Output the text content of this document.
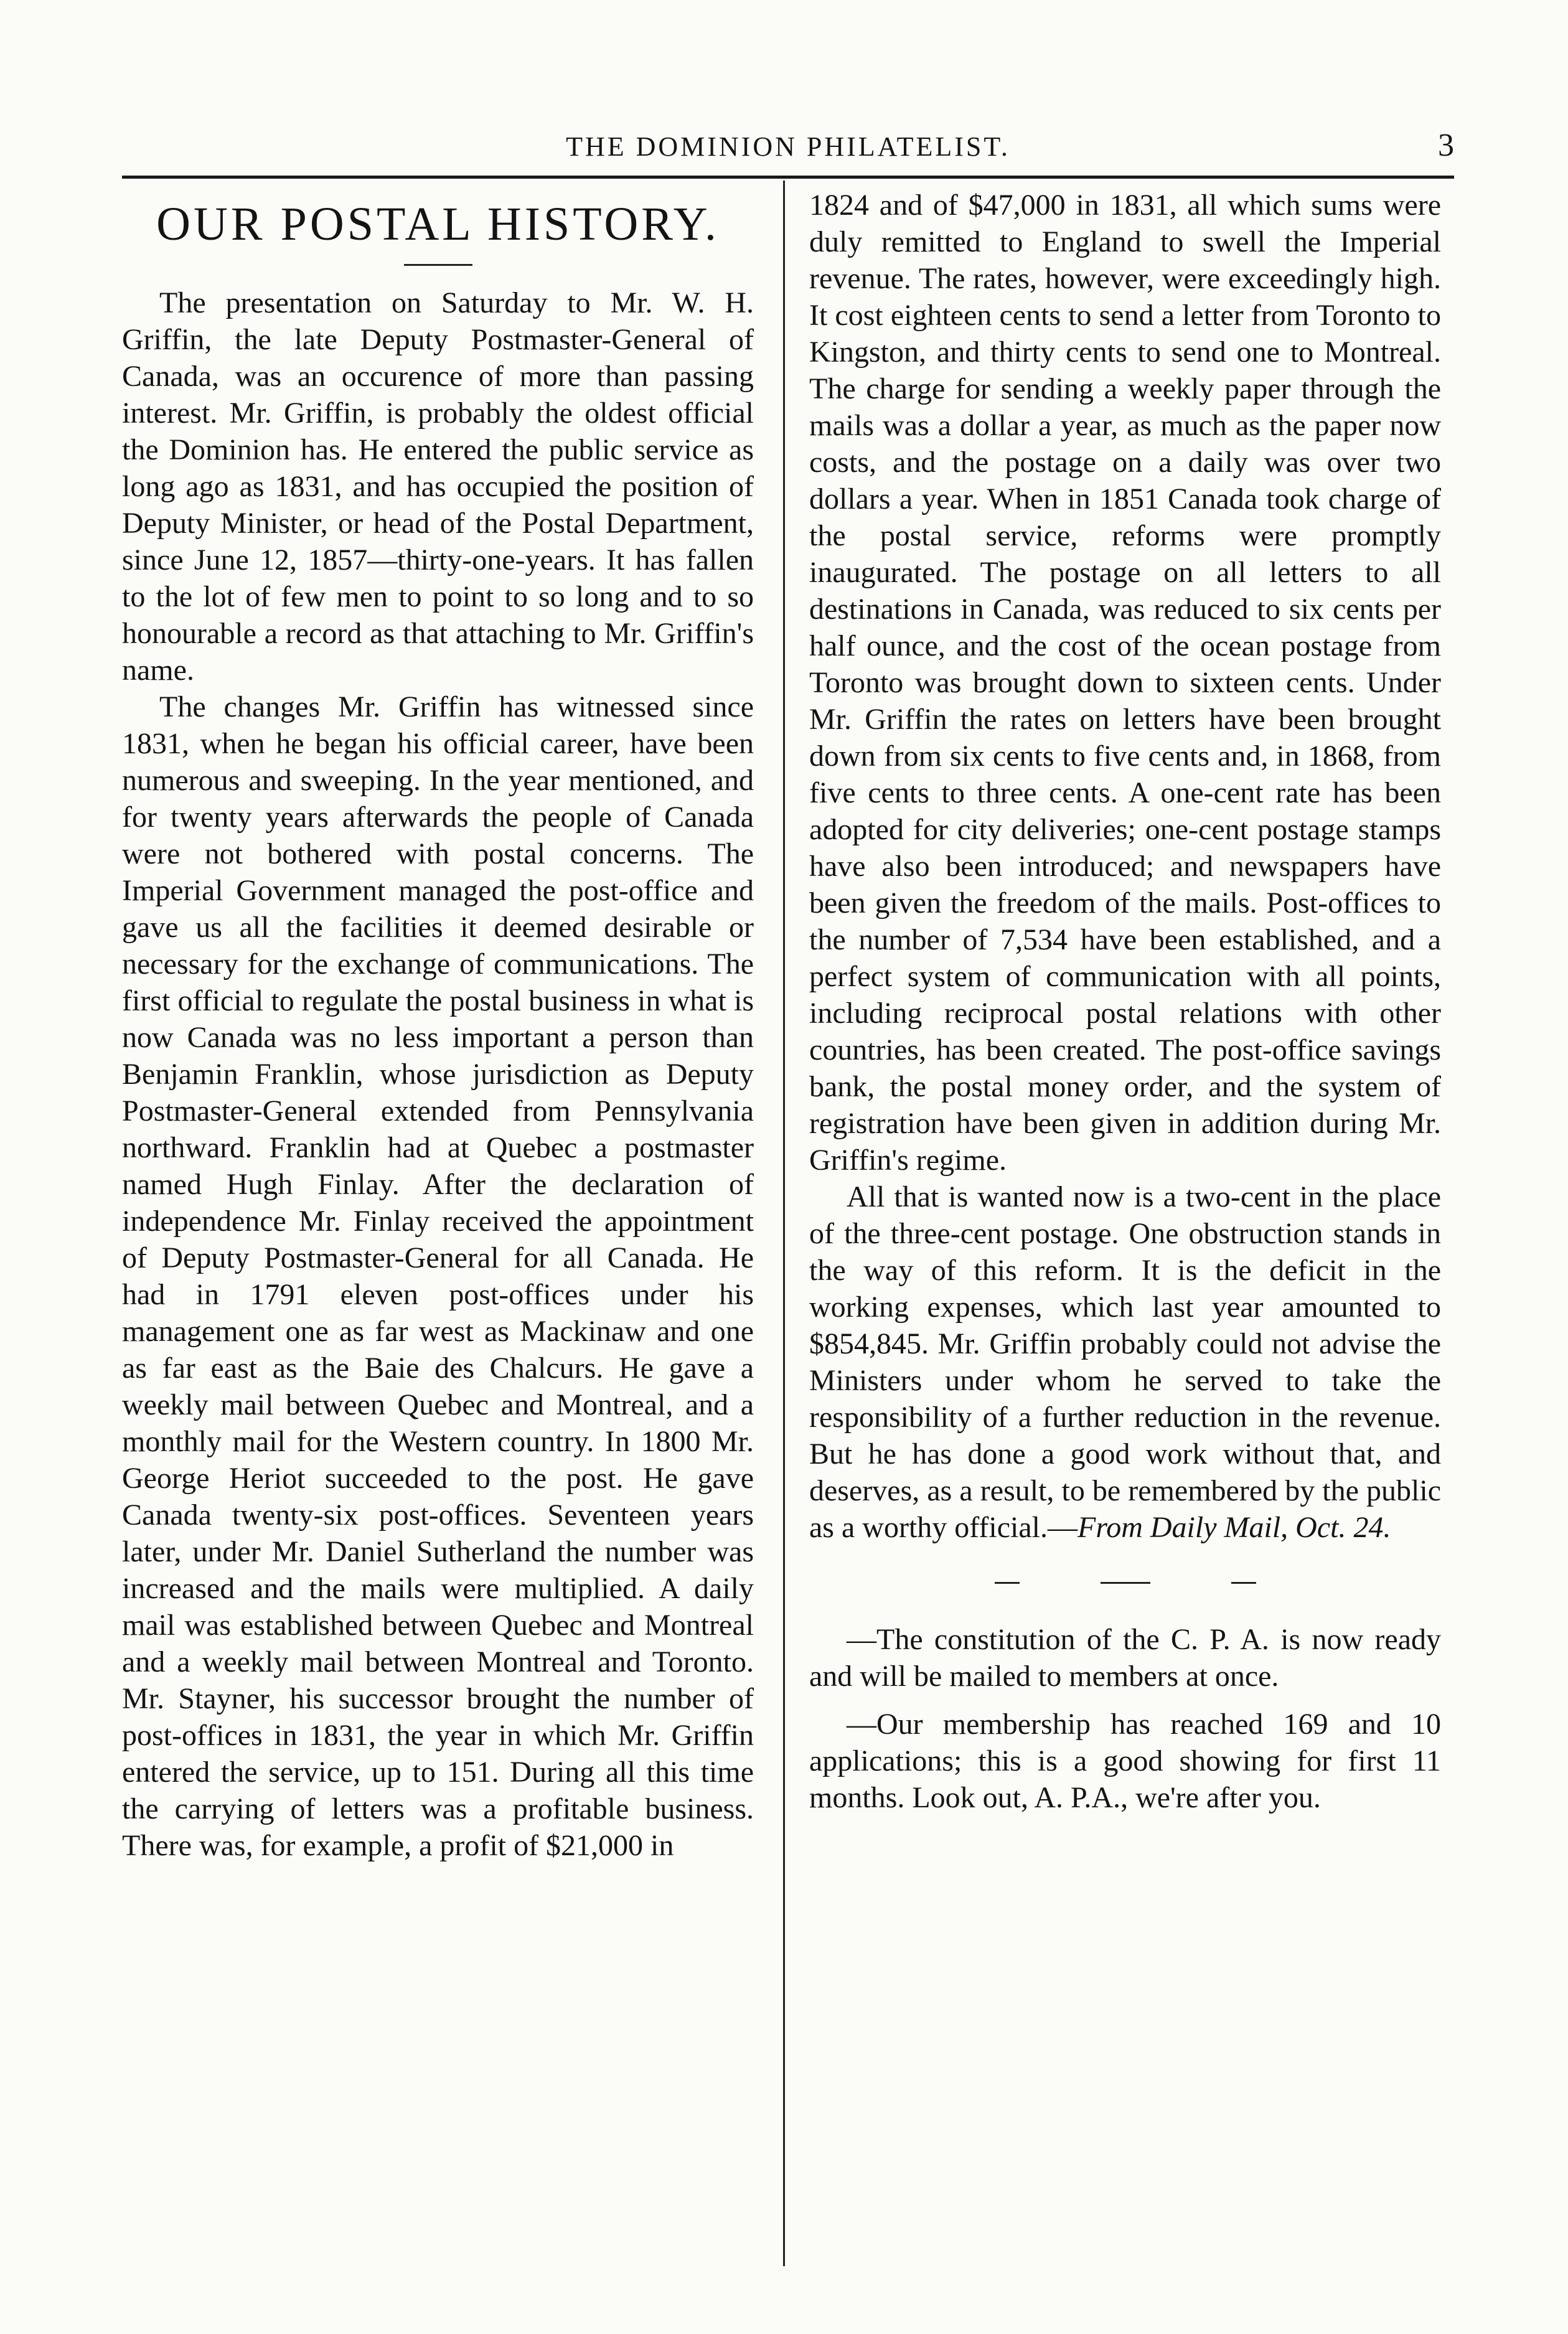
THE DOMINION PHILATELIST.	3
OUR POSTAL HISTORY.

The presentation on Saturday to Mr. W. H. Griffin, the late Deputy Postmaster-General of Canada, was an occurence of more than passing interest. Mr. Griffin, is probably the oldest official the Dominion has. He entered the public service as long ago as 1831, and has occupied the position of Deputy Minister, or head of the Postal Department, since June 12, 1857—thirty-one-years. It has fallen to the lot of few men to point to so long and to so honourable a record as that attaching to Mr. Griffin's name.

The changes Mr. Griffin has witnessed since 1831, when he began his official career, have been numerous and sweeping. In the year mentioned, and for twenty years afterwards the people of Canada were not bothered with postal concerns. The Imperial Government managed the post-office and gave us all the facilities it deemed desirable or necessary for the exchange of communications. The first official to regulate the postal business in what is now Canada was no less important a person than Benjamin Franklin, whose jurisdiction as Deputy Postmaster-General extended from Pennsylvania northward. Franklin had at Quebec a postmaster named Hugh Finlay. After the declaration of independence Mr. Finlay received the appointment of Deputy Postmaster-General for all Canada. He had in 1791 eleven post-offices under his management one as far west as Mackinaw and one as far east as the Baie des Chalcurs. He gave a weekly mail between Quebec and Montreal, and a monthly mail for the Western country. In 1800 Mr. George Heriot succeeded to the post. He gave Canada twenty-six post-offices. Seventeen years later, under Mr. Daniel Sutherland the number was increased and the mails were multiplied. A daily mail was established between Quebec and Montreal and a weekly mail between Montreal and Toronto. Mr. Stayner, his successor brought the number of post-offices in 1831, the year in which Mr. Griffin entered the service, up to 151. During all this time the carrying of letters was a profitable business. There was, for example, a profit of $21,000 in

1824 and of $47,000 in 1831, all which sums were duly remitted to England to swell the Imperial revenue. The rates, however, were exceedingly high. It cost eighteen cents to send a letter from Toronto to Kingston, and thirty cents to send one to Montreal. The charge for sending a weekly paper through the mails was a dollar a year, as much as the paper now costs, and the postage on a daily was over two dollars a year. When in 1851 Canada took charge of the postal service, reforms were promptly inaugurated. The postage on all letters to all destinations in Canada, was reduced to six cents per half ounce, and the cost of the ocean postage from Toronto was brought down to sixteen cents. Under Mr. Griffin the rates on letters have been brought down from six cents to five cents and, in 1868, from five cents to three cents. A one-cent rate has been adopted for city deliveries; one-cent postage stamps have also been introduced; and newspapers have been given the freedom of the mails. Post-offices to the number of 7,534 have been established, and a perfect system of communication with all points, including reciprocal postal relations with other countries, has been created. The post-office savings bank, the postal money order, and the system of registration have been given in addition during Mr. Griffin's regime.

All that is wanted now is a two-cent in the place of the three-cent postage. One obstruction stands in the way of this reform. It is the deficit in the working expenses, which last year amounted to $854,845. Mr. Griffin probably could not advise the Ministers under whom he served to take the responsibility of a further reduction in the revenue. But he has done a good work without that, and deserves, as a result, to be remembered by the public as a worthy official.—From Daily Mail, Oct. 24.

—The constitution of the C. P. A. is now ready and will be mailed to members at once.

—Our membership has reached 169 and 10 applications; this is a good showing for first 11 months. Look out, A. P.A., we're after you.
